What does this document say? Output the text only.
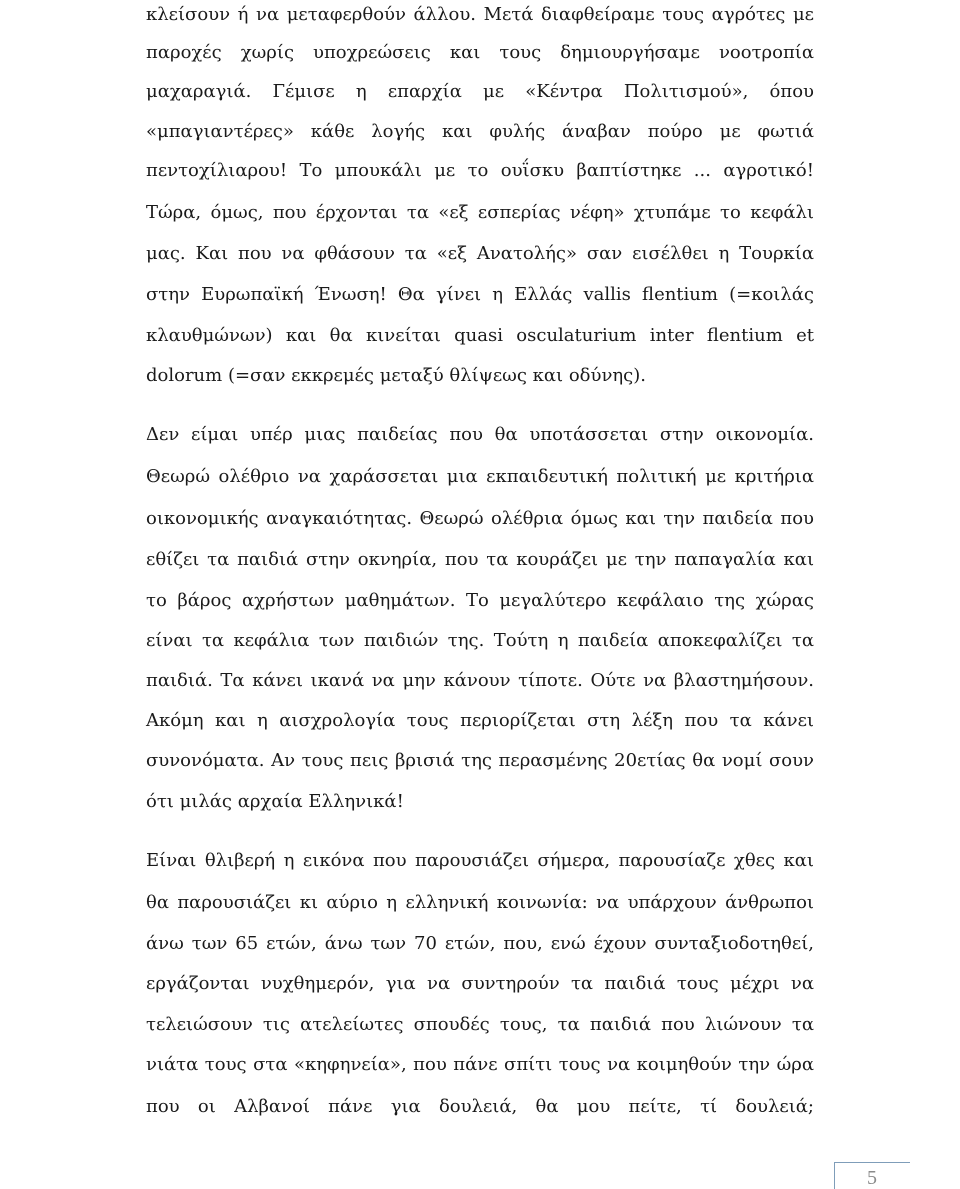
κλείσουν ή να μεταφερθούν άλλου. Μετά διαφθείραμε τους αγρότες με
παροχές χωρίς υποχρεώσεις και τους δημιουργήσαμε νοοτροπία
μαχαραγιά. Γέμισε η επαρχία με «Κέντρα Πολιτισμού», όπου
«μπαγιαντέρες» κάθε λογής και φυλής άναβαν πούρο με φωτιά
πεντοχίλιαρου! Το μπουκάλι με το ουΐσκυ βαπτίστηκε ... αγροτικό!
Τώρα, όμως, που έρχονται τα «εξ εσπερίας νέφη» χτυπάμε το κεφάλι
μας. Και που να φθάσουν τα «εξ Ανατολής» σαν εισέλθει η Τουρκία
στην Ευρωπαϊκή Ένωση! Θα γίνει η Ελλάς vallis flentium (=κοιλάς
κλαυθμώνων) και θα κινείται quasi osculaturium inter flentium et
dolorum (=σαν εκκρεμές μεταξύ θλίψεως και οδύνης).
Δεν είμαι υπέρ μιας παιδείας που θα υποτάσσεται στην οικονομία.
Θεωρώ ολέθριο να χαράσσεται μια εκπαιδευτική πολιτική με κριτήρια
οικονομικής αναγκαιότητας. Θεωρώ ολέθρια όμως και την παιδεία που
εθίζει τα παιδιά στην οκνηρία, που τα κουράζει με την παπαγαλία και
το βάρος αχρήστων μαθημάτων. Το μεγαλύτερο κεφάλαιο της χώρας
είναι τα κεφάλια των παιδιών της. Τούτη η παιδεία αποκεφαλίζει τα
παιδιά. Τα κάνει ικανά να μην κάνουν τίποτε. Ούτε να βλαστημήσουν.
Ακόμη και η αισχρολογία τους περιορίζεται στη λέξη που τα κάνει
συνονόματα. Αν τους πεις βρισιά της περασμένης 20ετίας θα νομί σουν
ότι μιλάς αρχαία Ελληνικά!
Είναι θλιβερή η εικόνα που παρουσιάζει σήμερα, παρουσίαζε χθες και
θα παρουσιάζει κι αύριο η ελληνική κοινωνία: να υπάρχουν άνθρωποι
άνω των 65 ετών, άνω των 70 ετών, που, ενώ έχουν συνταξιοδοτηθεί,
εργάζονται νυχθημερόν, για να συντηρούν τα παιδιά τους μέχρι να
τελειώσουν τις ατελείωτες σπουδές τους, τα παιδιά που λιώνουν τα
νιάτα τους στα «κηφηνεία», που πάνε σπίτι τους να κοιμηθούν την ώρα
που οι Αλβανοί πάνε για δουλειά, θα μου πείτε, τί δουλειά;
5
